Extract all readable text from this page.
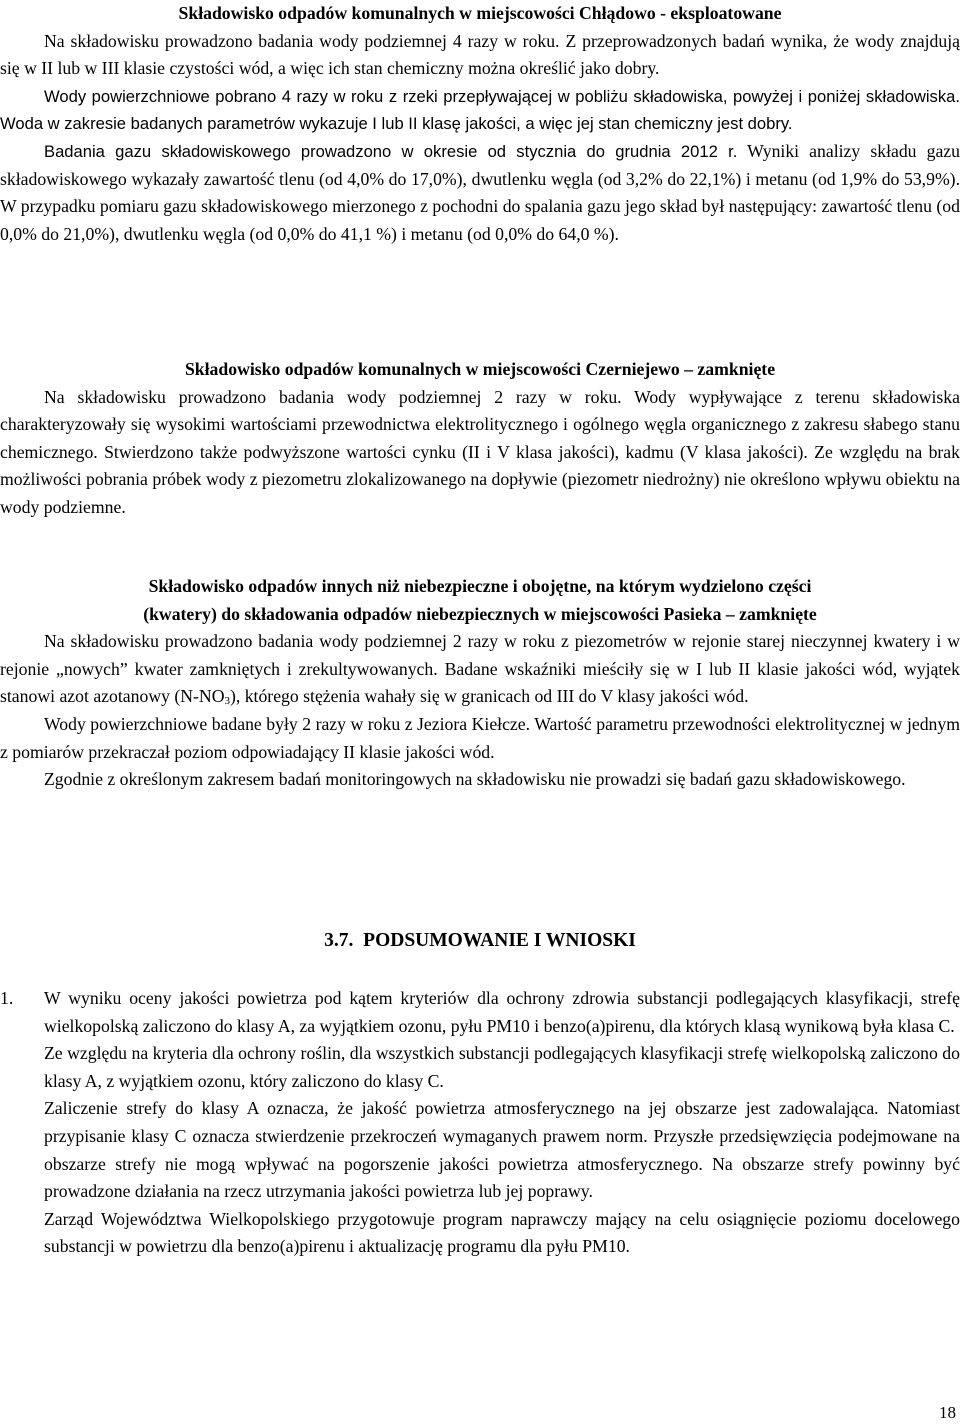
Składowisko odpadów komunalnych w miejscowości Chłądowo - eksploatowane

Na składowisku prowadzono badania wody podziemnej 4 razy w roku. Z przeprowadzonych badań wynika, że wody znajdują się w II lub w III klasie czystości wód, a więc ich stan chemiczny można określić jako dobry.

Wody powierzchniowe pobrano 4 razy w roku z rzeki przepływającej w pobliżu składowiska, powyżej i poniżej składowiska. Woda w zakresie badanych parametrów wykazuje I lub II klasę jakości, a więc jej stan chemiczny jest dobry.

Badania gazu składowiskowego prowadzono w okresie od stycznia do grudnia 2012 r. Wyniki analizy składu gazu składowiskowego wykazały zawartość tlenu (od 4,0% do 17,0%), dwutlenku węgla (od 3,2% do 22,1%) i metanu (od 1,9% do 53,9%). W przypadku pomiaru gazu składowiskowego mierzonego z pochodni do spalania gazu jego skład był następujący: zawartość tlenu (od 0,0% do 21,0%), dwutlenku węgla (od 0,0% do 41,1 %) i metanu (od 0,0% do 64,0 %).

Składowisko odpadów komunalnych w miejscowości Czerniejewo – zamknięte

Na składowisku prowadzono badania wody podziemnej 2 razy w roku. Wody wypływające z terenu składowiska charakteryzowały się wysokimi wartościami przewodnictwa elektrolitycznego i ogólnego węgla organicznego z zakresu słabego stanu chemicznego. Stwierdzono także podwyższone wartości cynku (II i V klasa jakości), kadmu (V klasa jakości). Ze względu na brak możliwości pobrania próbek wody z piezometru zlokalizowanego na dopływie (piezometr niedrożny) nie określono wpływu obiektu na wody podziemne.

Składowisko odpadów innych niż niebezpieczne i obojętne, na którym wydzielono części

(kwatery) do składowania odpadów niebezpiecznych w miejscowości Pasieka – zamknięte

Na składowisku prowadzono badania wody podziemnej 2 razy w roku z piezometrów w rejonie starej nieczynnej kwatery i w rejonie „nowych” kwater zamkniętych i zrekultywowanych. Badane wskaźniki mieściły się w I lub II klasie jakości wód, wyjątek stanowi azot azotanowy $(N-NO_3)$, którego stężenia wahały się w granicach od III do V klasy jakości wód.

Wody powierzchniowe badane były 2 razy w roku z Jeziora Kiełcze. Wartość parametru przewodności elektrolitycznej w jednym z pomiarów przekraczał poziom odpowiadający II klasie jakości wód.

Zgodnie z określonym zakresem badań monitoringowych na składowisku nie prowadzi się badań gazu składowiskowego.

3.7. PODSUMOWANIE I WNIOSKI
1. W wyniku oceny jakości powietrza pod kątem kryteriów dla ochrony zdrowia substancji podlegających klasyfikacji, strefę wielkopolską zaliczono do klasy A, za wyjątkiem ozonu, pyłu PM10 i benzo(a)pirenu, dla których klasą wynikową była klasa C.

Ze względu na kryteria dla ochrony roślin, dla wszystkich substancji podlegających klasyfikacji strefę wielkopolską zaliczono do klasy A, z wyjątkiem ozonu, który zaliczono do klasy C.

Zaliczenie strefy do klasy A oznacza, że jakość powietrza atmosferycznego na jej obszarze jest zadowalająca. Natomiast przypisanie klasy C oznacza stwierdzenie przekroczeń wymaganych prawem norm. Przyszłe przedsięwzięcia podejmowane na obszarze strefy nie mogą wpływać na pogorszenie jakości powietrza atmosferycznego. Na obszarze strefy powinny być prowadzone działania na rzecz utrzymania jakości powietrza lub jej poprawy.

Zarząd Województwa Wielkopolskiego przygotowuje program naprawczy mający na celu osiągnięcie poziomu docelowego substancji w powietrzu dla benzo(a)pirenu i aktualizację programu dla pyłu PM10.

18
